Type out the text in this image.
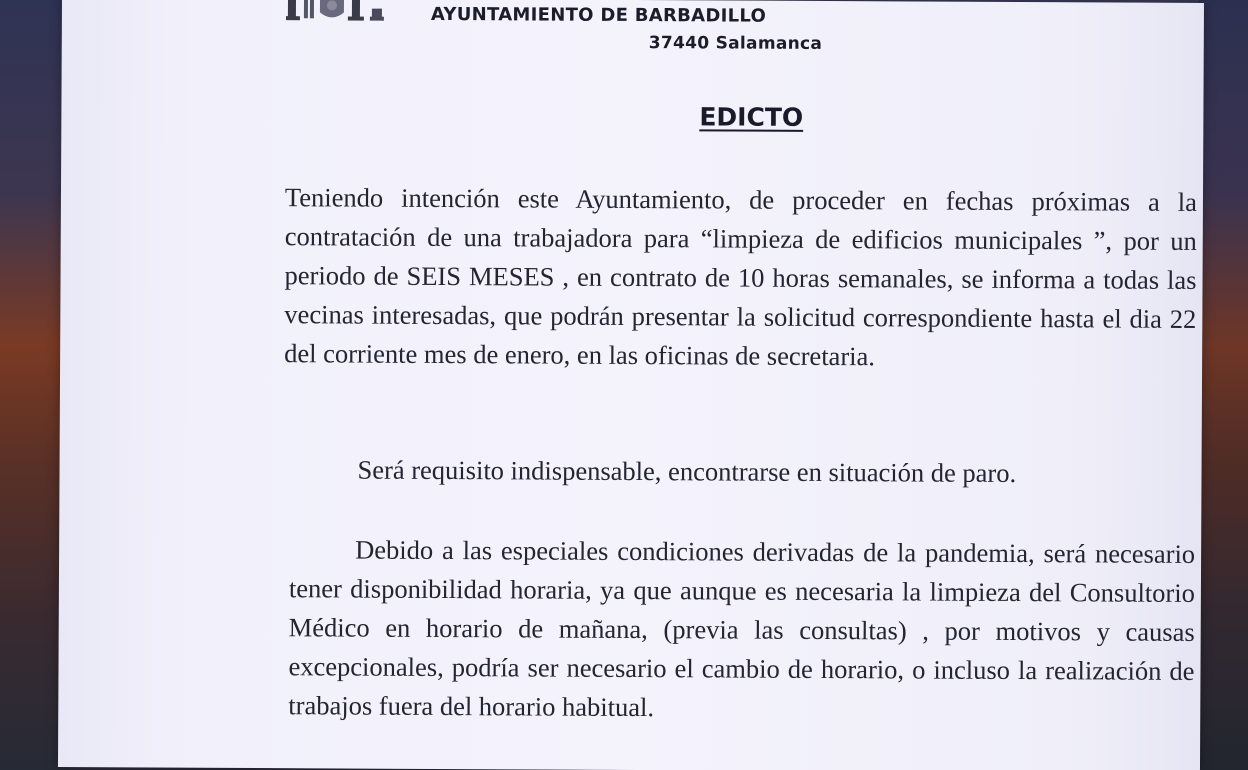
AYUNTAMIENTO DE BARBADILLO
37440 Salamanca
EDICTO

Teniendo intención este Ayuntamiento, de proceder en fechas próximas a la contratación de una trabajadora para “limpieza de edificios municipales ”, por un periodo de SEIS MESES , en contrato de 10 horas semanales, se informa a todas las vecinas interesadas, que podrán presentar la solicitud correspondiente hasta el dia 22 del corriente mes de enero, en las oficinas de secretaria.

Será requisito indispensable, encontrarse en situación de paro.

Debido a las especiales condiciones derivadas de la pandemia, será necesario tener disponibilidad horaria, ya que aunque es necesaria la limpieza del Consultorio Médico en horario de mañana, (previa las consultas) , por motivos y causas excepcionales, podría ser necesario el cambio de horario, o incluso la realización de trabajos fuera del horario habitual.
